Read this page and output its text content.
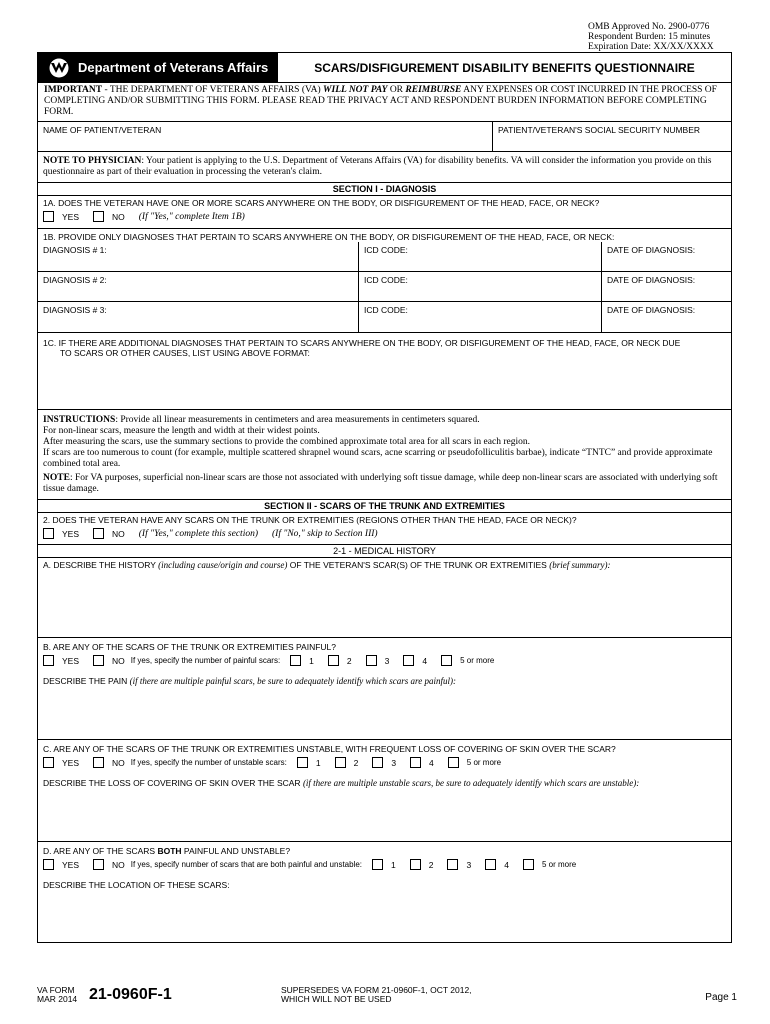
OMB Approved No. 2900-0776
Respondent Burden: 15 minutes
Expiration Date: XX/XX/XXXX
Department of Veterans Affairs	SCARS/DISFIGUREMENT DISABILITY BENEFITS QUESTIONNAIRE
IMPORTANT - THE DEPARTMENT OF VETERANS AFFAIRS (VA) WILL NOT PAY OR REIMBURSE ANY EXPENSES OR COST INCURRED IN THE PROCESS OF COMPLETING AND/OR SUBMITTING THIS FORM. PLEASE READ THE PRIVACY ACT AND RESPONDENT BURDEN INFORMATION BEFORE COMPLETING FORM.
NAME OF PATIENT/VETERAN	PATIENT/VETERAN'S SOCIAL SECURITY NUMBER
NOTE TO PHYSICIAN: Your patient is applying to the U.S. Department of Veterans Affairs (VA) for disability benefits. VA will consider the information you provide on this questionnaire as part of their evaluation in processing the veteran's claim.
SECTION I - DIAGNOSIS
1A. DOES THE VETERAN HAVE ONE OR MORE SCARS ANYWHERE ON THE BODY, OR DISFIGUREMENT OF THE HEAD, FACE, OR NECK?
YES	NO (If "Yes," complete Item 1B)
1B. PROVIDE ONLY DIAGNOSES THAT PERTAIN TO SCARS ANYWHERE ON THE BODY, OR DISFIGUREMENT OF THE HEAD, FACE, OR NECK:
DIAGNOSIS # 1:	ICD CODE:	DATE OF DIAGNOSIS:
DIAGNOSIS # 2:	ICD CODE:	DATE OF DIAGNOSIS:
DIAGNOSIS # 3:	ICD CODE:	DATE OF DIAGNOSIS:
1C. IF THERE ARE ADDITIONAL DIAGNOSES THAT PERTAIN TO SCARS ANYWHERE ON THE BODY, OR DISFIGUREMENT OF THE HEAD, FACE, OR NECK DUE
TO SCARS OR OTHER CAUSES, LIST USING ABOVE FORMAT:
INSTRUCTIONS: Provide all linear measurements in centimeters and area measurements in centimeters squared.
For non-linear scars, measure the length and width at their widest points.
After measuring the scars, use the summary sections to provide the combined approximate total area for all scars in each region.
If scars are too numerous to count (for example, multiple scattered shrapnel wound scars, acne scarring or pseudofolliculitis barbae), indicate “TNTC” and provide approximate combined total area.
NOTE: For VA purposes, superficial non-linear scars are those not associated with underlying soft tissue damage, while deep non-linear scars are associated with underlying soft tissue damage.
SECTION II - SCARS OF THE TRUNK AND EXTREMITIES
2. DOES THE VETERAN HAVE ANY SCARS ON THE TRUNK OR EXTREMITIES (REGIONS OTHER THAN THE HEAD, FACE OR NECK)?
YES	NO (If "Yes," complete this section) (If "No," skip to Section III)
2-1 - MEDICAL HISTORY
A. DESCRIBE THE HISTORY (including cause/origin and course) OF THE VETERAN'S SCAR(S) OF THE TRUNK OR EXTREMITIES (brief summary):
B. ARE ANY OF THE SCARS OF THE TRUNK OR EXTREMITIES PAINFUL?
YES	NO If yes, specify the number of painful scars:	1	2	3	4	5 or more
DESCRIBE THE PAIN (if there are multiple painful scars, be sure to adequately identify which scars are painful):
C. ARE ANY OF THE SCARS OF THE TRUNK OR EXTREMITIES UNSTABLE, WITH FREQUENT LOSS OF COVERING OF SKIN OVER THE SCAR?
YES	NO If yes, specify the number of unstable scars:	1	2	3	4	5 or more
DESCRIBE THE LOSS OF COVERING OF SKIN OVER THE SCAR (if there are multiple unstable scars, be sure to adequately identify which scars are unstable):
D. ARE ANY OF THE SCARS BOTH PAINFUL AND UNSTABLE?
YES	NO If yes, specify number of scars that are both painful and unstable:	1	2	3	4	5 or more
DESCRIBE THE LOCATION OF THESE SCARS:
VA FORM
MAR 2014 21-0960F-1	SUPERSEDES VA FORM 21-0960F-1, OCT 2012,
WHICH WILL NOT BE USED	Page 1
